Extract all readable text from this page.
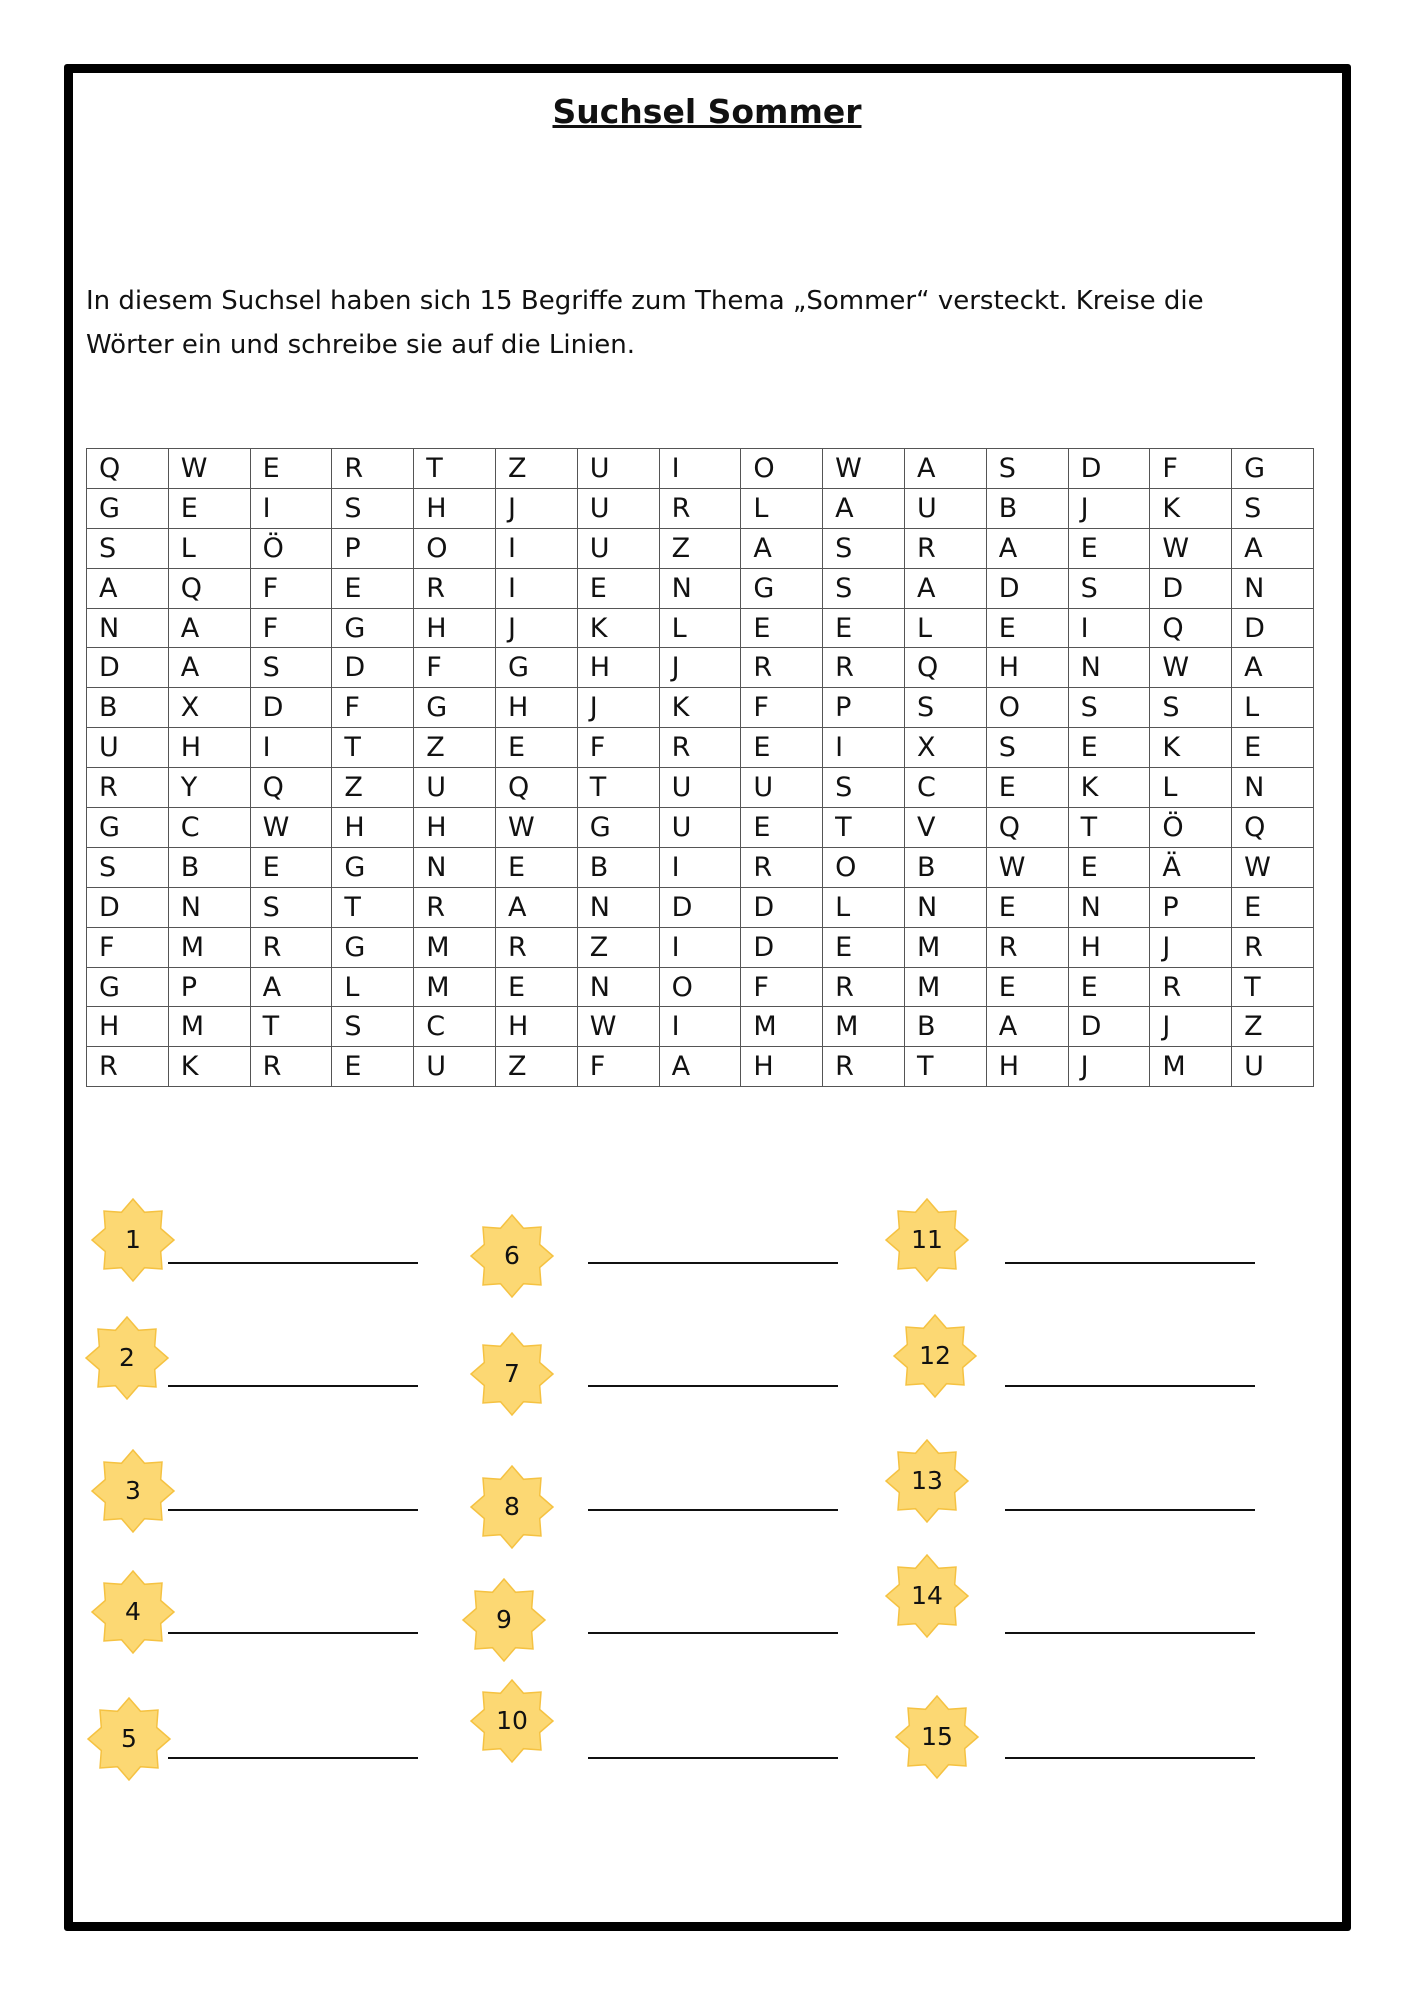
Suchsel Sommer
In diesem Suchsel haben sich 15 Begriffe zum Thema „Sommer“ versteckt. Kreise die
Wörter ein und schreibe sie auf die Linien.
Q	W	E	R	T	Z	U	I	O	W	A	S	D	F	G
G	E	I	S	H	J	U	R	L	A	U	B	J	K	S
S	L	Ö	P	O	I	U	Z	A	S	R	A	E	W	A
A	Q	F	E	R	I	E	N	G	S	A	D	S	D	N
N	A	F	G	H	J	K	L	E	E	L	E	I	Q	D
D	A	S	D	F	G	H	J	R	R	Q	H	N	W	A
B	X	D	F	G	H	J	K	F	P	S	O	S	S	L
U	H	I	T	Z	E	F	R	E	I	X	S	E	K	E
R	Y	Q	Z	U	Q	T	U	U	S	C	E	K	L	N
G	C	W	H	H	W	G	U	E	T	V	Q	T	Ö	Q
S	B	E	G	N	E	B	I	R	O	B	W	E	Ä	W
D	N	S	T	R	A	N	D	D	L	N	E	N	P	E
F	M	R	G	M	R	Z	I	D	E	M	R	H	J	R
G	P	A	L	M	E	N	O	F	R	M	E	E	R	T
H	M	T	S	C	H	W	I	M	M	B	A	D	J	Z
R	K	R	E	U	Z	F	A	H	R	T	H	J	M	U
1
2
3
4
5
6
7
8
9
10
11
12
13
14
15
